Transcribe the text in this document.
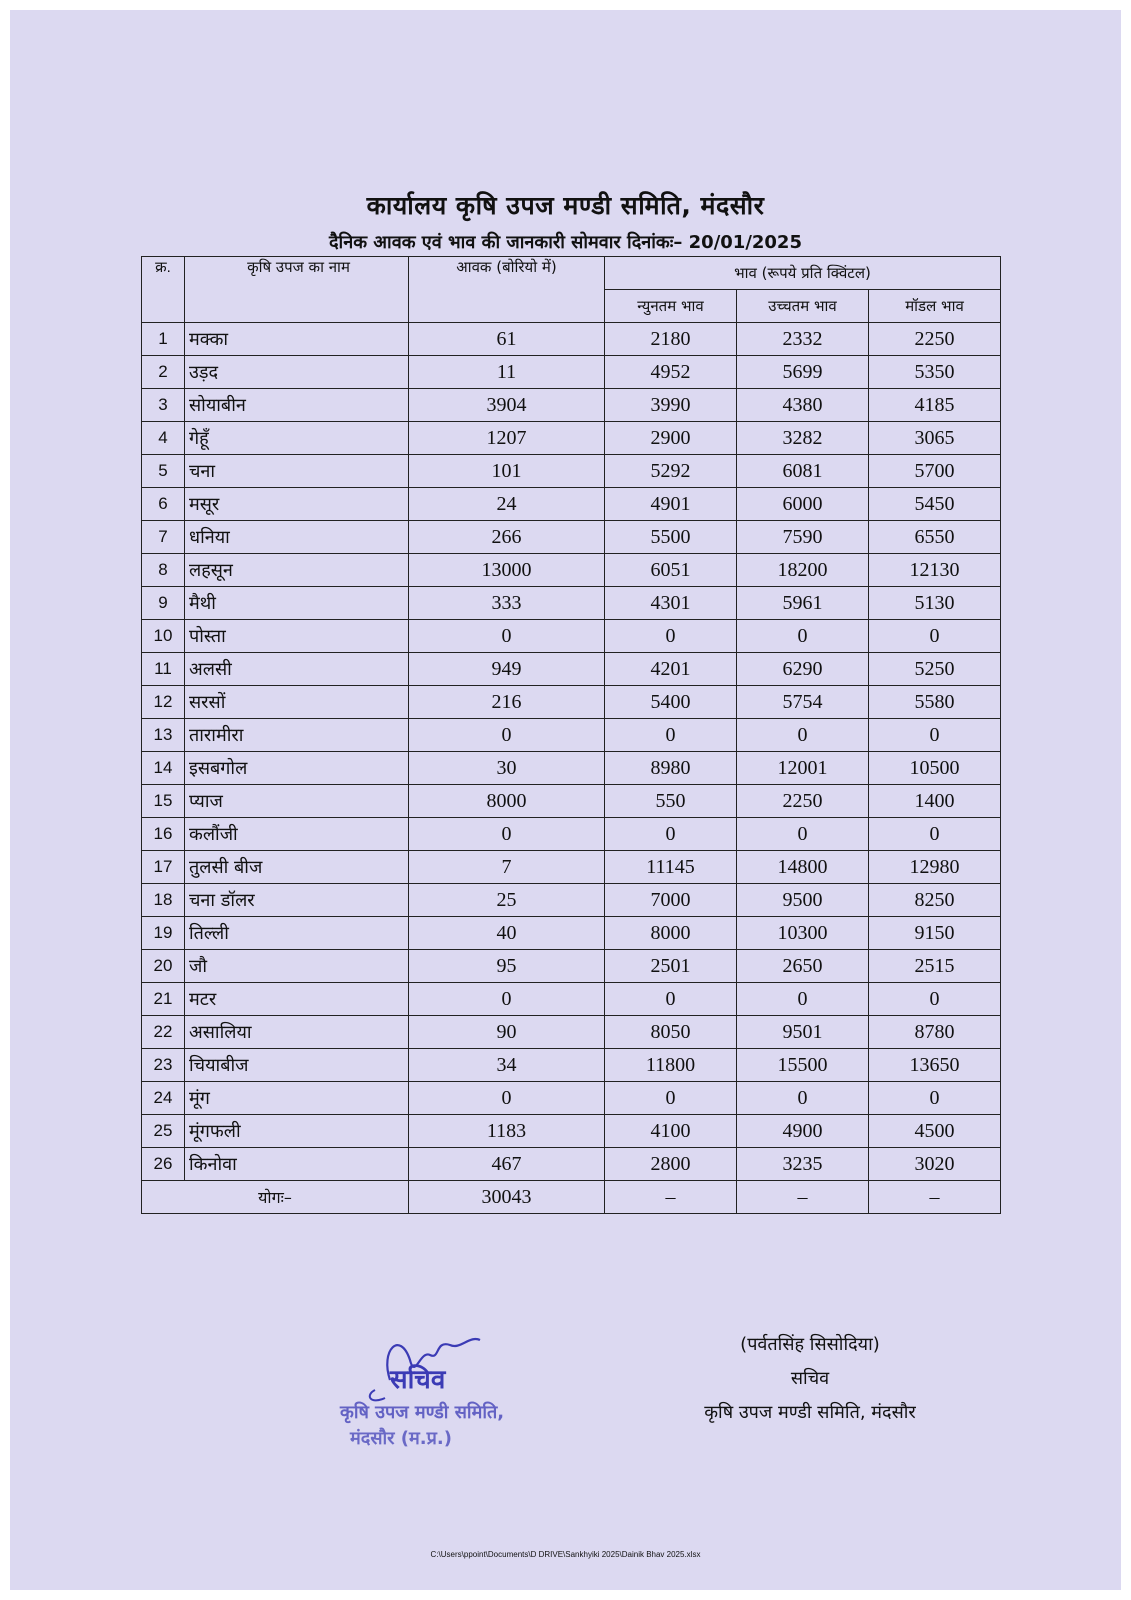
कार्यालय कृषि उपज मण्डी समिति, मंदसौर
दैनिक आवक एवं भाव की जानकारी सोमवार दिनांकः– 20/01/2025
क्र.	कृषि उपज का नाम	आवक (बोरियो में)	भाव (रूपये प्रति क्विंटल)		
			न्युनतम भाव	उच्चतम भाव	मॉडल भाव
1	मक्का	61	2180	2332	2250
2	उड़द	11	4952	5699	5350
3	सोयाबीन	3904	3990	4380	4185
4	गेहूँ	1207	2900	3282	3065
5	चना	101	5292	6081	5700
6	मसूर	24	4901	6000	5450
7	धनिया	266	5500	7590	6550
8	लहसून	13000	6051	18200	12130
9	मैथी	333	4301	5961	5130
10	पोस्ता	0	0	0	0
11	अलसी	949	4201	6290	5250
12	सरसों	216	5400	5754	5580
13	तारामीरा	0	0	0	0
14	इसबगोल	30	8980	12001	10500
15	प्याज	8000	550	2250	1400
16	कलौंजी	0	0	0	0
17	तुलसी बीज	7	11145	14800	12980
18	चना डॉलर	25	7000	9500	8250
19	तिल्ली	40	8000	10300	9150
20	जौ	95	2501	2650	2515
21	मटर	0	0	0	0
22	असालिया	90	8050	9501	8780
23	चियाबीज	34	11800	15500	13650
24	मूंग	0	0	0	0
25	मूंगफली	1183	4100	4900	4500
26	किनोवा	467	2800	3235	3020
योगः–		30043	–	–	–
सचिव
कृषि उपज मण्डी समिति,
मंदसौर (म.प्र.)
(पर्वतसिंह सिसोदिया)
सचिव
कृषि उपज मण्डी समिति, मंदसौर
C:\Users\ppoint\Documents\D DRIVE\Sankhyiki 2025\Dainik Bhav 2025.xlsx
